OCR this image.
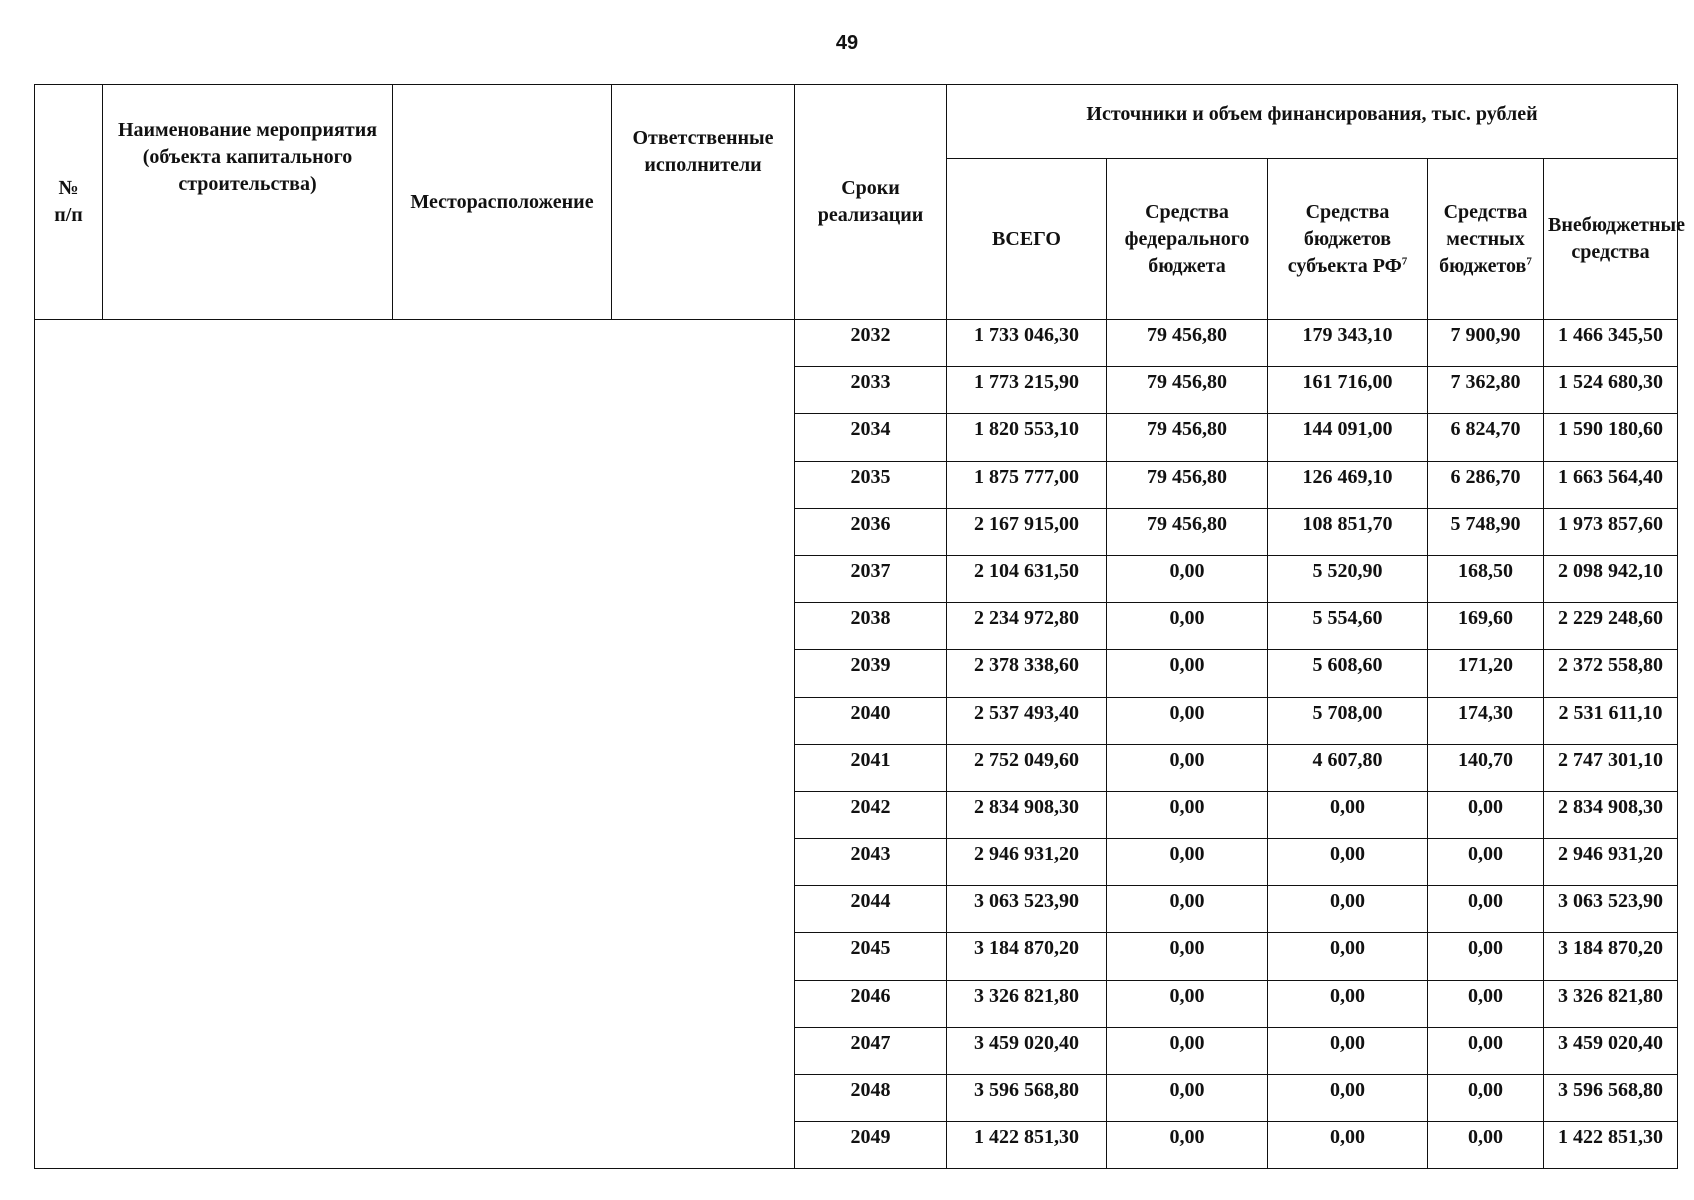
49
№
п/п	Наименование мероприятия (объекта капитального строительства)	Месторасположение	Ответственные исполнители	Сроки реализации	Источники и объем финансирования, тыс. рублей				
					ВСЕГО	Средства федерального бюджета	Средства бюджетов субъекта $РФ^7$	Средства местных бюджетов$^7$	Внебюджетные средства
				2032	1 733 046,30	79 456,80	179 343,10	7 900,90	1 466 345,50
				2033	1 773 215,90	79 456,80	161 716,00	7 362,80	1 524 680,30
				2034	1 820 553,10	79 456,80	144 091,00	6 824,70	1 590 180,60
				2035	1 875 777,00	79 456,80	126 469,10	6 286,70	1 663 564,40
				2036	2 167 915,00	79 456,80	108 851,70	5 748,90	1 973 857,60
				2037	2 104 631,50	0,00	5 520,90	168,50	2 098 942,10
				2038	2 234 972,80	0,00	5 554,60	169,60	2 229 248,60
				2039	2 378 338,60	0,00	5 608,60	171,20	2 372 558,80
				2040	2 537 493,40	0,00	5 708,00	174,30	2 531 611,10
				2041	2 752 049,60	0,00	4 607,80	140,70	2 747 301,10
				2042	2 834 908,30	0,00	0,00	0,00	2 834 908,30
				2043	2 946 931,20	0,00	0,00	0,00	2 946 931,20
				2044	3 063 523,90	0,00	0,00	0,00	3 063 523,90
				2045	3 184 870,20	0,00	0,00	0,00	3 184 870,20
				2046	3 326 821,80	0,00	0,00	0,00	3 326 821,80
				2047	3 459 020,40	0,00	0,00	0,00	3 459 020,40
				2048	3 596 568,80	0,00	0,00	0,00	3 596 568,80
				2049	1 422 851,30	0,00	0,00	0,00	1 422 851,30
